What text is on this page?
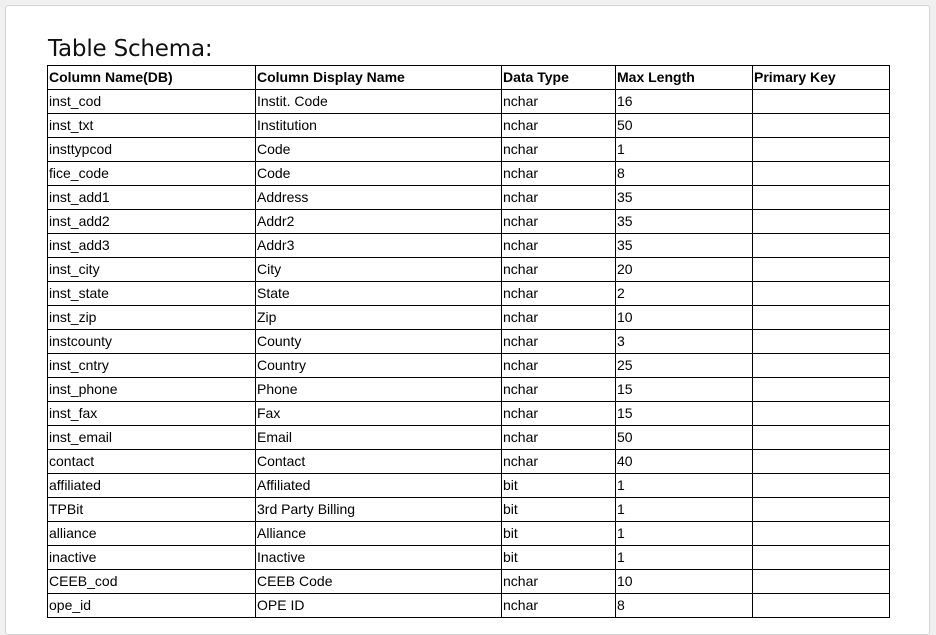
Table Schema:
Column Name(DB)	Column Display Name	Data Type	Max Length	Primary Key
inst_cod	Instit. Code	nchar	16	
inst_txt	Institution	nchar	50	
insttypcod	Code	nchar	1	
fice_code	Code	nchar	8	
inst_add1	Address	nchar	35	
inst_add2	Addr2	nchar	35	
inst_add3	Addr3	nchar	35	
inst_city	City	nchar	20	
inst_state	State	nchar	2	
inst_zip	Zip	nchar	10	
instcounty	County	nchar	3	
inst_cntry	Country	nchar	25	
inst_phone	Phone	nchar	15	
inst_fax	Fax	nchar	15	
inst_email	Email	nchar	50	
contact	Contact	nchar	40	
affiliated	Affiliated	bit	1	
TPBit	3rd Party Billing	bit	1	
alliance	Alliance	bit	1	
inactive	Inactive	bit	1	
CEEB_cod	CEEB Code	nchar	10	
ope_id	OPE ID	nchar	8	
